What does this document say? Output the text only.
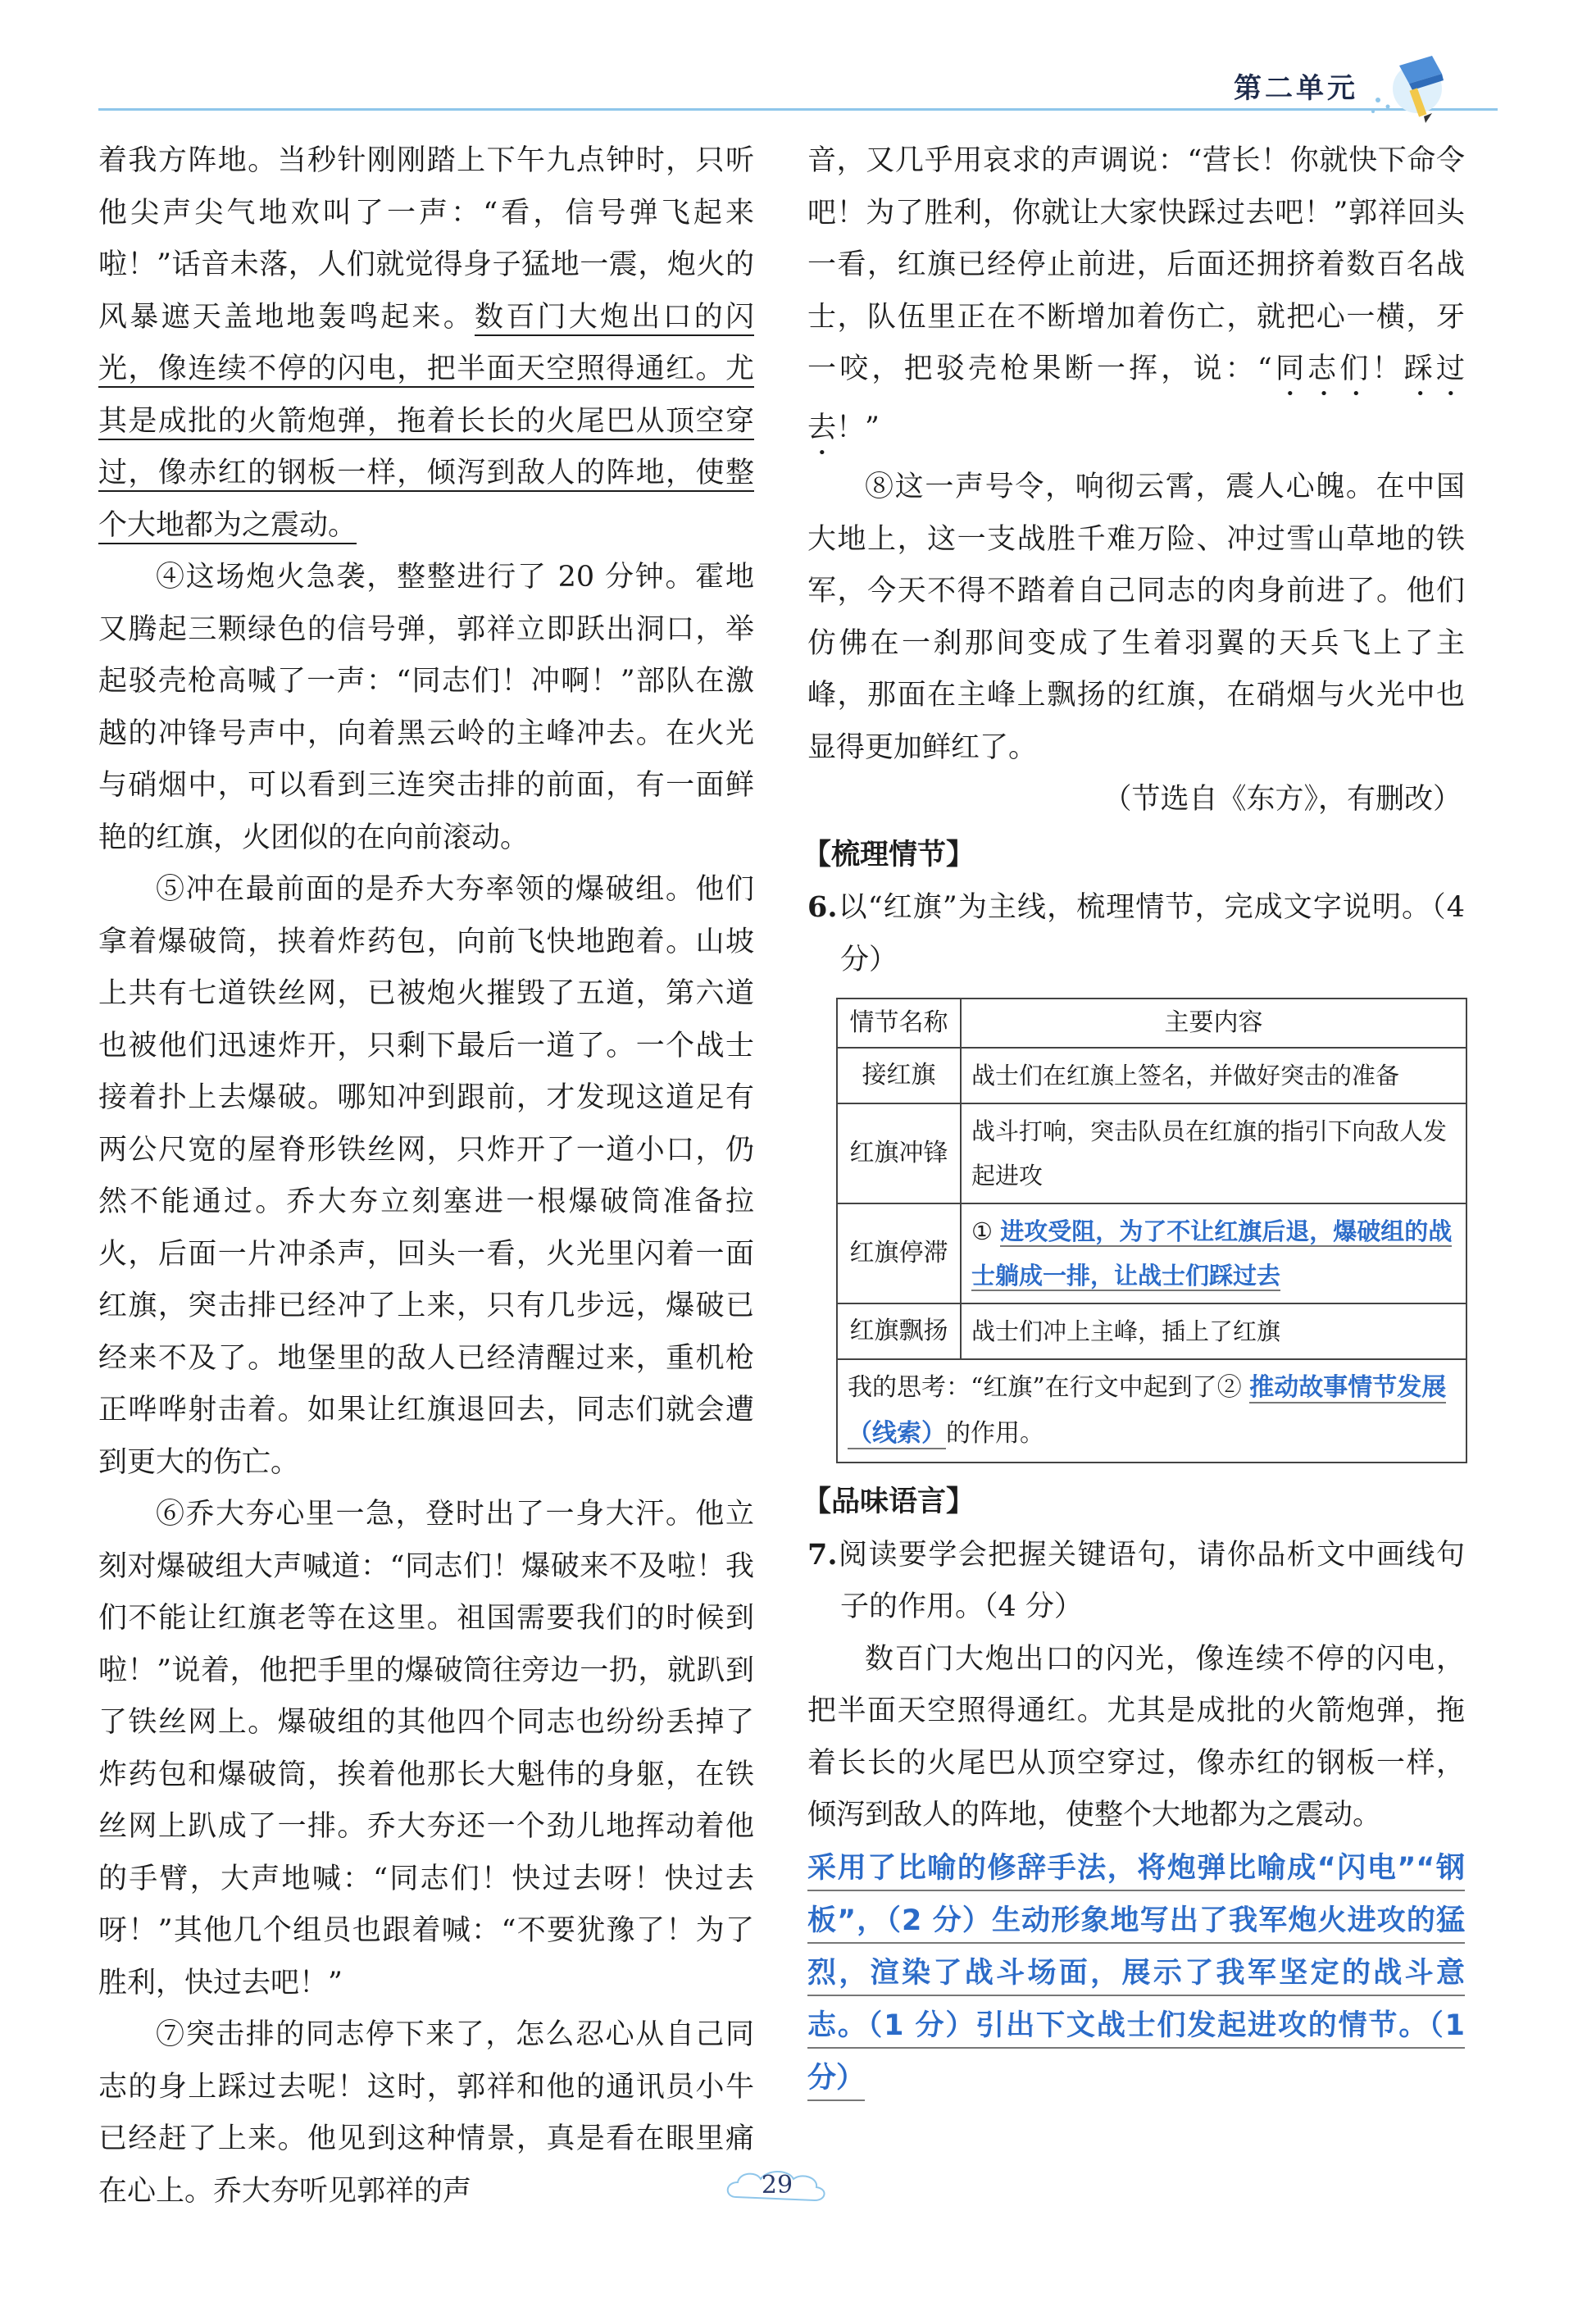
第二单元

着我方阵地。当秒针刚刚踏上下午九点钟时，只听他尖声尖气地欢叫了一声：“看，信号弹飞起来啦！”话音未落，人们就觉得身子猛地一震，炮火的风暴遮天盖地地轰鸣起来。数百门大炮出口的闪光，像连续不停的闪电，把半面天空照得通红。尤其是成批的火箭炮弹，拖着长长的火尾巴从顶空穿过，像赤红的钢板一样，倾泻到敌人的阵地，使整个大地都为之震动。

④这场炮火急袭，整整进行了 20 分钟。霍地又腾起三颗绿色的信号弹，郭祥立即跃出洞口，举起驳壳枪高喊了一声：“同志们！冲啊！”部队在激越的冲锋号声中，向着黑云岭的主峰冲去。在火光与硝烟中，可以看到三连突击排的前面，有一面鲜艳的红旗，火团似的在向前滚动。

⑤冲在最前面的是乔大夯率领的爆破组。他们拿着爆破筒，挟着炸药包，向前飞快地跑着。山坡上共有七道铁丝网，已被炮火摧毁了五道，第六道也被他们迅速炸开，只剩下最后一道了。一个战士接着扑上去爆破。哪知冲到跟前，才发现这道足有两公尺宽的屋脊形铁丝网，只炸开了一道小口，仍然不能通过。乔大夯立刻塞进一根爆破筒准备拉火，后面一片冲杀声，回头一看，火光里闪着一面红旗，突击排已经冲了上来，只有几步远，爆破已经来不及了。地堡里的敌人已经清醒过来，重机枪正哗哗射击着。如果让红旗退回去，同志们就会遭到更大的伤亡。

⑥乔大夯心里一急，登时出了一身大汗。他立刻对爆破组大声喊道：“同志们！爆破来不及啦！我们不能让红旗老等在这里。祖国需要我们的时候到啦！”说着，他把手里的爆破筒往旁边一扔，就趴到了铁丝网上。爆破组的其他四个同志也纷纷丢掉了炸药包和爆破筒，挨着他那长大魁伟的身躯，在铁丝网上趴成了一排。乔大夯还一个劲儿地挥动着他的手臂，大声地喊：“同志们！快过去呀！快过去呀！”其他几个组员也跟着喊：“不要犹豫了！为了胜利，快过去吧！”

⑦突击排的同志停下来了，怎么忍心从自己同志的身上踩过去呢！这时，郭祥和他的通讯员小牛已经赶了上来。他见到这种情景，真是看在眼里痛在心上。乔大夯听见郭祥的声

音，又几乎用哀求的声调说：“营长！你就快下命令吧！为了胜利，你就让大家快踩过去吧！”郭祥回头一看，红旗已经停止前进，后面还拥挤着数百名战士，队伍里正在不断增加着伤亡，就把心一横，牙一咬，把驳壳枪果断一挥，说：“同志们！踩过去！”

⑧这一声号令，响彻云霄，震人心魄。在中国大地上，这一支战胜千难万险、冲过雪山草地的铁军，今天不得不踏着自己同志的肉身前进了。他们仿佛在一刹那间变成了生着羽翼的天兵飞上了主峰，那面在主峰上飘扬的红旗，在硝烟与火光中也显得更加鲜红了。

（节选自《东方》，有删改）

【梳理情节】

6.以“红旗”为主线，梳理情节，完成文字说明。（4 分）

情节名称	主要内容
接红旗	战士们在红旗上签名，并做好突击的准备
红旗冲锋	战斗打响，突击队员在红旗的指引下向敌人发起进攻
红旗停滞	① 进攻受阻，为了不让红旗后退，爆破组的战士躺成一排，让战士们踩过去
红旗飘扬	战士们冲上主峰，插上了红旗
我的思考：“红旗”在行文中起到了② 推动故事情节发展（线索）的作用。	
【品味语言】

7.阅读要学会把握关键语句，请你品析文中画线句子的作用。（4 分）

数百门大炮出口的闪光，像连续不停的闪电，把半面天空照得通红。尤其是成批的火箭炮弹，拖着长长的火尾巴从顶空穿过，像赤红的钢板一样，倾泻到敌人的阵地，使整个大地都为之震动。

采用了比喻的修辞手法，将炮弹比喻成“闪电”“钢板”，（2 分）生动形象地写出了我军炮火进攻的猛烈，渲染了战斗场面，展示了我军坚定的战斗意志。（1 分）引出下文战士们发起进攻的情节。（1 分）

29
